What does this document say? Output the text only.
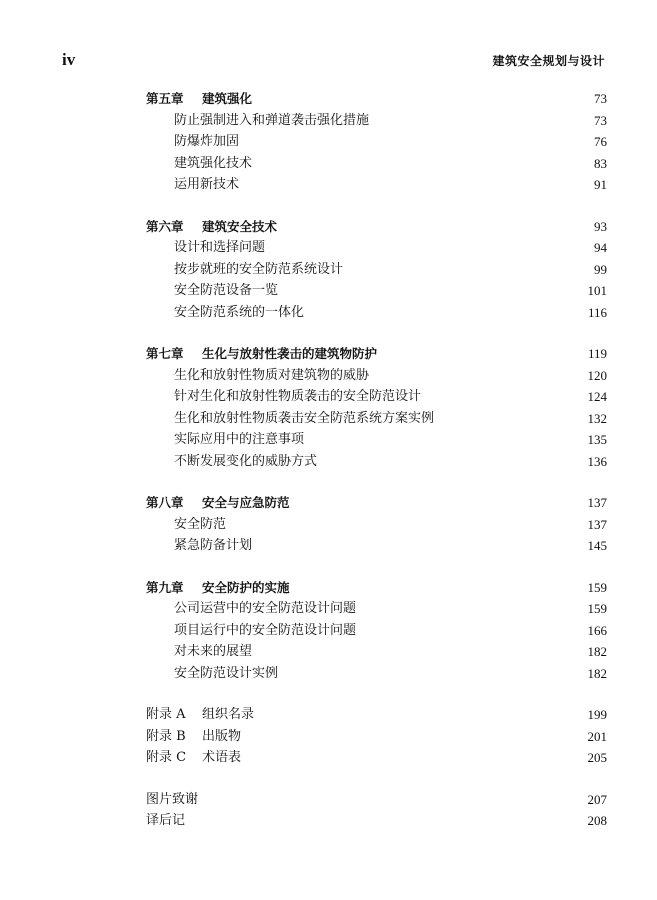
iv	建筑安全规划与设计
第五章 建筑强化	73
防止强制进入和弹道袭击强化措施	73
防爆炸加固	76
建筑强化技术	83
运用新技术	91
第六章 建筑安全技术	93
设计和选择问题	94
按步就班的安全防范系统设计	99
安全防范设备一览	101
安全防范系统的一体化	116
第七章 生化与放射性袭击的建筑物防护	119
生化和放射性物质对建筑物的威胁	120
针对生化和放射性物质袭击的安全防范设计	124
生化和放射性物质袭击安全防范系统方案实例	132
实际应用中的注意事项	135
不断发展变化的威胁方式	136
第八章 安全与应急防范	137
安全防范	137
紧急防备计划	145
第九章 安全防护的实施	159
公司运营中的安全防范设计问题	159
项目运行中的安全防范设计问题	166
对未来的展望	182
安全防范设计实例	182
附录 A 组织名录	199
附录 B 出版物	201
附录 C 术语表	205
图片致谢	207
译后记	208
